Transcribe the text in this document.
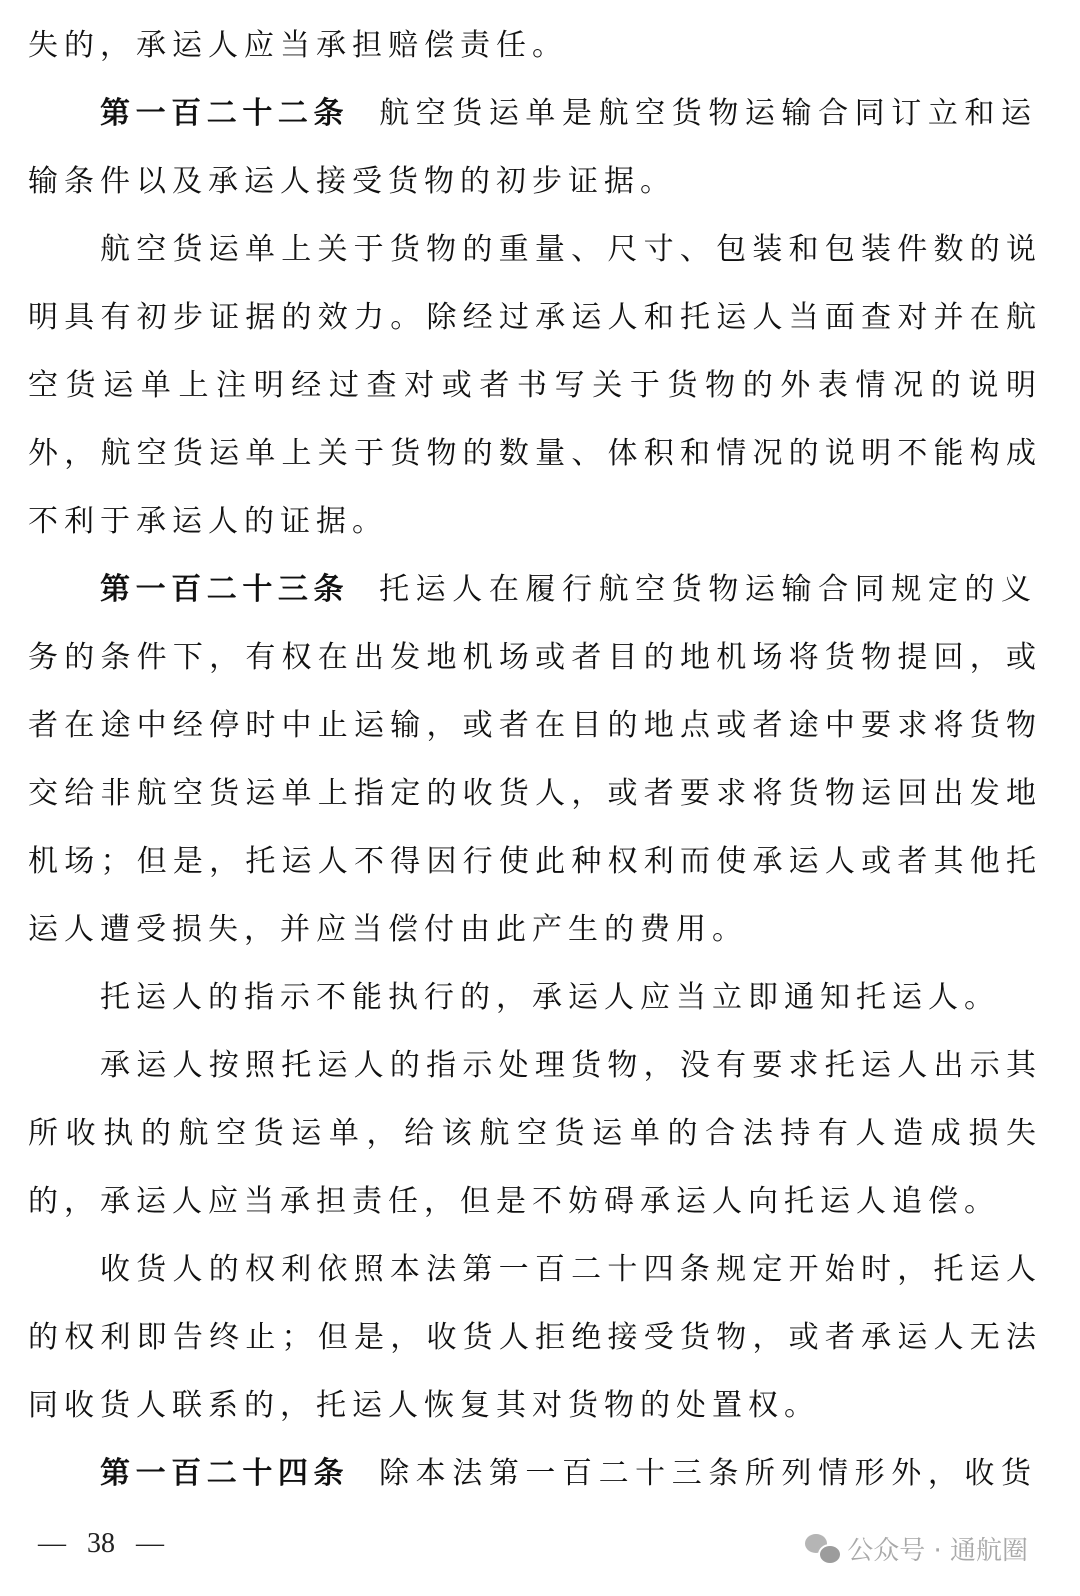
失的，承运人应当承担赔偿责任。
第一百二十二条 航空货运单是航空货物运输合同订立和运
输条件以及承运人接受货物的初步证据。
航空货运单上关于货物的重量、尺寸、包装和包装件数的说
明具有初步证据的效力。除经过承运人和托运人当面查对并在航
空货运单上注明经过查对或者书写关于货物的外表情况的说明
外，航空货运单上关于货物的数量、体积和情况的说明不能构成
不利于承运人的证据。
第一百二十三条 托运人在履行航空货物运输合同规定的义
务的条件下，有权在出发地机场或者目的地机场将货物提回，或
者在途中经停时中止运输，或者在目的地点或者途中要求将货物
交给非航空货运单上指定的收货人，或者要求将货物运回出发地
机场；但是，托运人不得因行使此种权利而使承运人或者其他托
运人遭受损失，并应当偿付由此产生的费用。
托运人的指示不能执行的，承运人应当立即通知托运人。
承运人按照托运人的指示处理货物，没有要求托运人出示其
所收执的航空货运单，给该航空货运单的合法持有人造成损失
的，承运人应当承担责任，但是不妨碍承运人向托运人追偿。
收货人的权利依照本法第一百二十四条规定开始时，托运人
的权利即告终止；但是，收货人拒绝接受货物，或者承运人无法
同收货人联系的，托运人恢复其对货物的处置权。
第一百二十四条 除本法第一百二十三条所列情形外，收货
— 38 —	公众号 · 通航圈
